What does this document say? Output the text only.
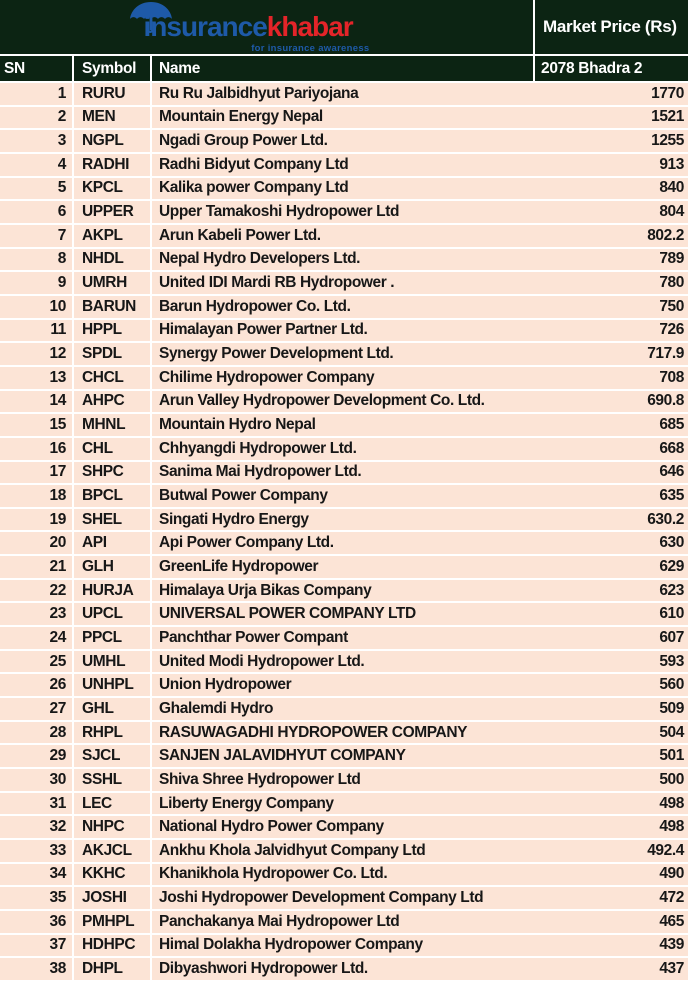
insurancekhabar
for insurance awareness
Market Price (Rs)
SN	Symbol	Name	2078 Bhadra 2
1	RURU	Ru Ru Jalbidhyut Pariyojana	1770
2	MEN	Mountain Energy Nepal	1521
3	NGPL	Ngadi Group Power Ltd.	1255
4	RADHI	Radhi Bidyut Company Ltd	913
5	KPCL	Kalika power Company Ltd	840
6	UPPER	Upper Tamakoshi Hydropower Ltd	804
7	AKPL	Arun Kabeli Power Ltd.	802.2
8	NHDL	Nepal Hydro Developers Ltd.	789
9	UMRH	United IDI Mardi RB Hydropower .	780
10	BARUN	Barun Hydropower Co. Ltd.	750
11	HPPL	Himalayan Power Partner Ltd.	726
12	SPDL	Synergy Power Development Ltd.	717.9
13	CHCL	Chilime Hydropower Company	708
14	AHPC	Arun Valley Hydropower Development Co. Ltd.	690.8
15	MHNL	Mountain Hydro Nepal	685
16	CHL	Chhyangdi Hydropower Ltd.	668
17	SHPC	Sanima Mai Hydropower Ltd.	646
18	BPCL	Butwal Power Company	635
19	SHEL	Singati Hydro Energy	630.2
20	API	Api Power Company Ltd.	630
21	GLH	GreenLife Hydropower	629
22	HURJA	Himalaya Urja Bikas Company	623
23	UPCL	UNIVERSAL POWER COMPANY LTD	610
24	PPCL	Panchthar Power Compant	607
25	UMHL	United Modi Hydropower Ltd.	593
26	UNHPL	Union Hydropower	560
27	GHL	Ghalemdi Hydro	509
28	RHPL	RASUWAGADHI HYDROPOWER COMPANY	504
29	SJCL	SANJEN JALAVIDHYUT COMPANY	501
30	SSHL	Shiva Shree Hydropower Ltd	500
31	LEC	Liberty Energy Company	498
32	NHPC	National Hydro Power Company	498
33	AKJCL	Ankhu Khola Jalvidhyut Company Ltd	492.4
34	KKHC	Khanikhola Hydropower Co. Ltd.	490
35	JOSHI	Joshi Hydropower Development Company Ltd	472
36	PMHPL	Panchakanya Mai Hydropower Ltd	465
37	HDHPC	Himal Dolakha Hydropower Company	439
38	DHPL	Dibyashwori Hydropower Ltd.	437
